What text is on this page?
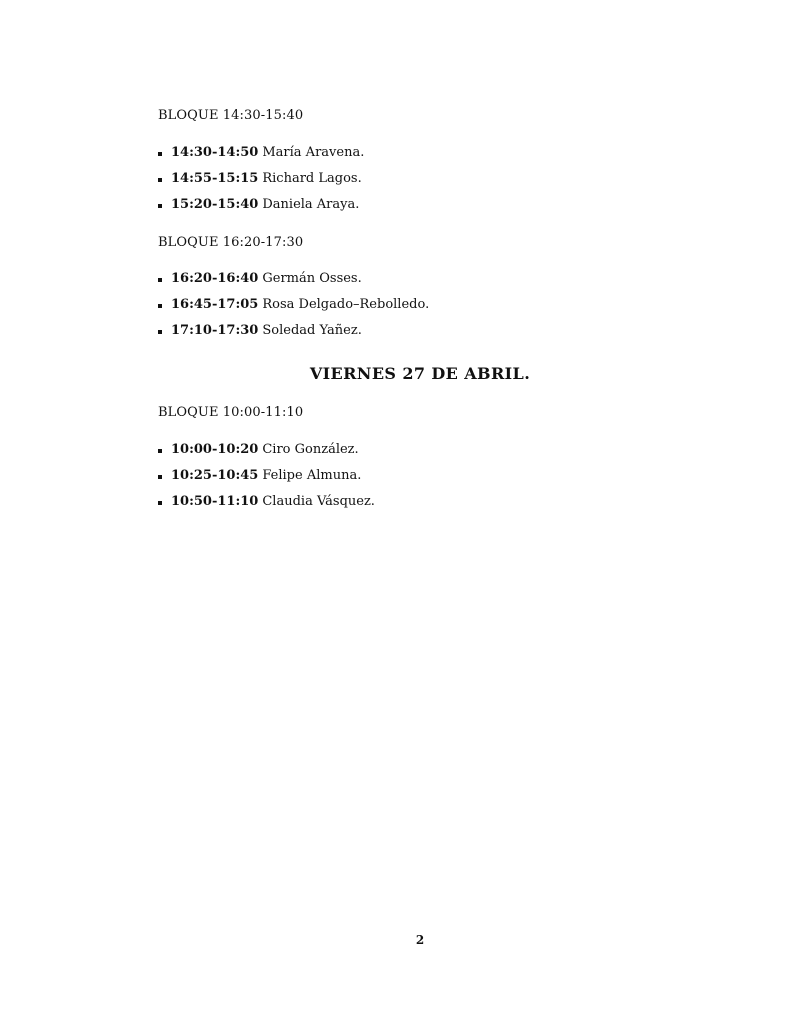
BLOQUE 14:30-15:40
14:30-14:50 María Aravena.
14:55-15:15 Richard Lagos.
15:20-15:40 Daniela Araya.
BLOQUE 16:20-17:30
16:20-16:40 Germán Osses.
16:45-17:05 Rosa Delgado–Rebolledo.
17:10-17:30 Soledad Yañez.
VIERNES 27 DE ABRIL.
BLOQUE 10:00-11:10
10:00-10:20 Ciro González.
10:25-10:45 Felipe Almuna.
10:50-11:10 Claudia Vásquez.
2
